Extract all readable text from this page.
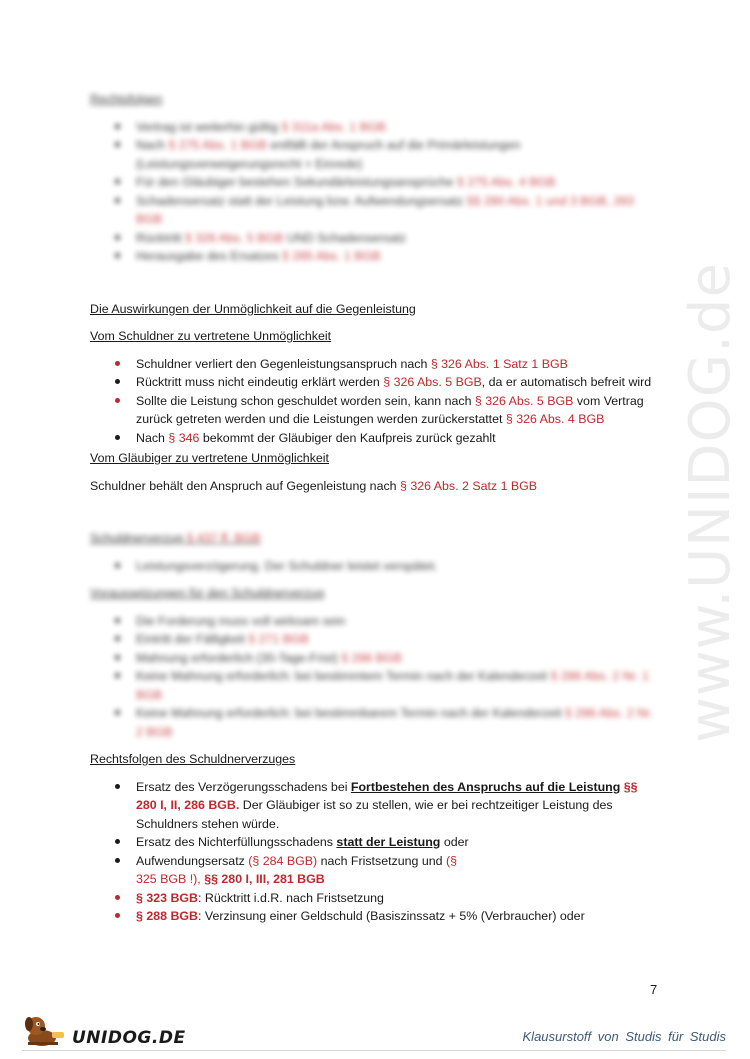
www.UNIDOG.de

Rechtsfolgen

Vertrag ist weiterhin gültig § 311a Abs. 1 BGB
Nach § 275 Abs. 1 BGB entfällt der Anspruch auf die Primärleistungen (Leistungsverweigerungsrecht + Einrede)
Für den Gläubiger bestehen Sekundärleistungsansprüche § 275 Abs. 4 BGB
Schadensersatz statt der Leistung bzw. Aufwendungsersatz §§ 280 Abs. 1 und 3 BGB, 283 BGB
Rücktritt § 326 Abs. 5 BGB UND Schadensersatz
Herausgabe des Ersatzes § 285 Abs. 1 BGB

Die Auswirkungen der Unmöglichkeit auf die Gegenleistung

Vom Schuldner zu vertretene Unmöglichkeit

Schuldner verliert den Gegenleistungsanspruch nach § 326 Abs. 1 Satz 1 BGB
Rücktritt muss nicht eindeutig erklärt werden § 326 Abs. 5 BGB, da er automatisch befreit wird
Sollte die Leistung schon geschuldet worden sein, kann nach § 326 Abs. 5 BGB vom Vertrag zurück getreten werden und die Leistungen werden zurückerstattet § 326 Abs. 4 BGB
Nach § 346 bekommt der Gläubiger den Kaufpreis zurück gezahlt

Vom Gläubiger zu vertretene Unmöglichkeit

Schuldner behält den Anspruch auf Gegenleistung nach § 326 Abs. 2 Satz 1 BGB

Schuldnerverzug § 437 ff. BGB

Leistungsverzögerung. Der Schuldner leistet verspätet.

Voraussetzungen für den Schuldnerverzug

Die Forderung muss voll wirksam sein
Eintritt der Fälligkeit § 271 BGB
Mahnung erforderlich (30-Tage-Frist) § 286 BGB
Keine Mahnung erforderlich: bei bestimmtem Termin nach der Kalenderzeit § 286 Abs. 2 Nr. 1 BGB
Keine Mahnung erforderlich: bei bestimmbarem Termin nach der Kalenderzeit § 286 Abs. 2 Nr. 2 BGB

Rechtsfolgen des Schuldnerverzuges

Ersatz des Verzögerungsschadens bei Fortbestehen des Anspruchs auf die Leistung §§ 280 I, II, 286 BGB. Der Gläubiger ist so zu stellen, wie er bei rechtzeitiger Leistung des Schuldners stehen würde.
Ersatz des Nichterfüllungsschadens statt der Leistung oder
Aufwendungsersatz (§ 284 BGB) nach Fristsetzung und (§ 325 BGB !), §§ 280 I, III, 281 BGB
§ 323 BGB: Rücktritt i.d.R. nach Fristsetzung
§ 288 BGB: Verzinsung einer Geldschuld (Basiszinssatz + 5% (Verbraucher) oder
7
UNIDOG.DE	Klausurstoff von Studis für Studis
